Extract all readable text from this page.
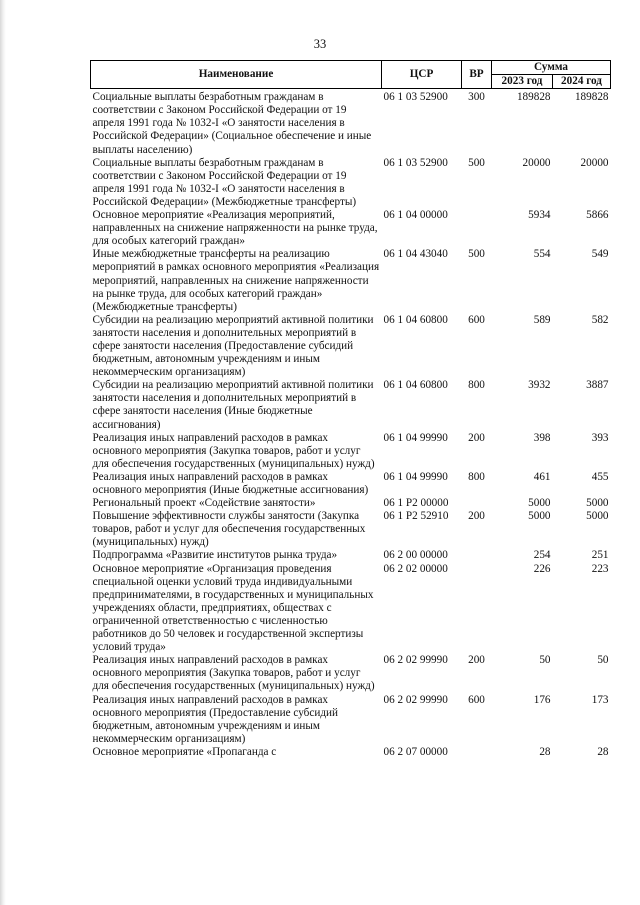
33
Наименование	ЦСР	ВР	Сумма	
			2023 год	2024 год
Социальные выплаты безработным гражданам в соответствии с Законом Российской Федерации от 19 апреля 1991 года № 1032-I «О занятости населения в Российской Федерации» (Социальное обеспечение и иные выплаты населению)	06 1 03 52900	300	189828	189828
Социальные выплаты безработным гражданам в соответствии с Законом Российской Федерации от 19 апреля 1991 года № 1032-I «О занятости населения в Российской Федерации» (Межбюджетные трансферты)	06 1 03 52900	500	20000	20000
Основное мероприятие «Реализация мероприятий, направленных на снижение напряженности на рынке труда, для особых категорий граждан»	06 1 04 00000		5934	5866
Иные межбюджетные трансферты на реализацию мероприятий в рамках основного мероприятия «Реализация мероприятий, направленных на снижение напряженности на рынке труда, для особых категорий граждан» (Межбюджетные трансферты)	06 1 04 43040	500	554	549
Субсидии на реализацию мероприятий активной политики занятости населения и дополнительных мероприятий в сфере занятости населения (Предоставление субсидий бюджетным, автономным учреждениям и иным некоммерческим организациям)	06 1 04 60800	600	589	582
Субсидии на реализацию мероприятий активной политики занятости населения и дополнительных мероприятий в сфере занятости населения (Иные бюджетные ассигнования)	06 1 04 60800	800	3932	3887
Реализация иных направлений расходов в рамках основного мероприятия (Закупка товаров, работ и услуг для обеспечения государственных (муниципальных) нужд)	06 1 04 99990	200	398	393
Реализация иных направлений расходов в рамках основного мероприятия (Иные бюджетные ассигнования)	06 1 04 99990	800	461	455
Региональный проект «Содействие занятости»	06 1 P2 00000		5000	5000
Повышение эффективности службы занятости (Закупка товаров, работ и услуг для обеспечения государственных (муниципальных) нужд)	06 1 P2 52910	200	5000	5000
Подпрограмма «Развитие институтов рынка труда»	06 2 00 00000		254	251
Основное мероприятие «Организация проведения специальной оценки условий труда индивидуальными предпринимателями, в государственных и муниципальных учреждениях области, предприятиях, обществах с ограниченной ответственностью с численностью работников до 50 человек и государственной экспертизы условий труда»	06 2 02 00000		226	223
Реализация иных направлений расходов в рамках основного мероприятия (Закупка товаров, работ и услуг для обеспечения государственных (муниципальных) нужд)	06 2 02 99990	200	50	50
Реализация иных направлений расходов в рамках основного мероприятия (Предоставление субсидий бюджетным, автономным учреждениям и иным некоммерческим организациям)	06 2 02 99990	600	176	173
Основное мероприятие «Пропаганда с	06 2 07 00000		28	28
